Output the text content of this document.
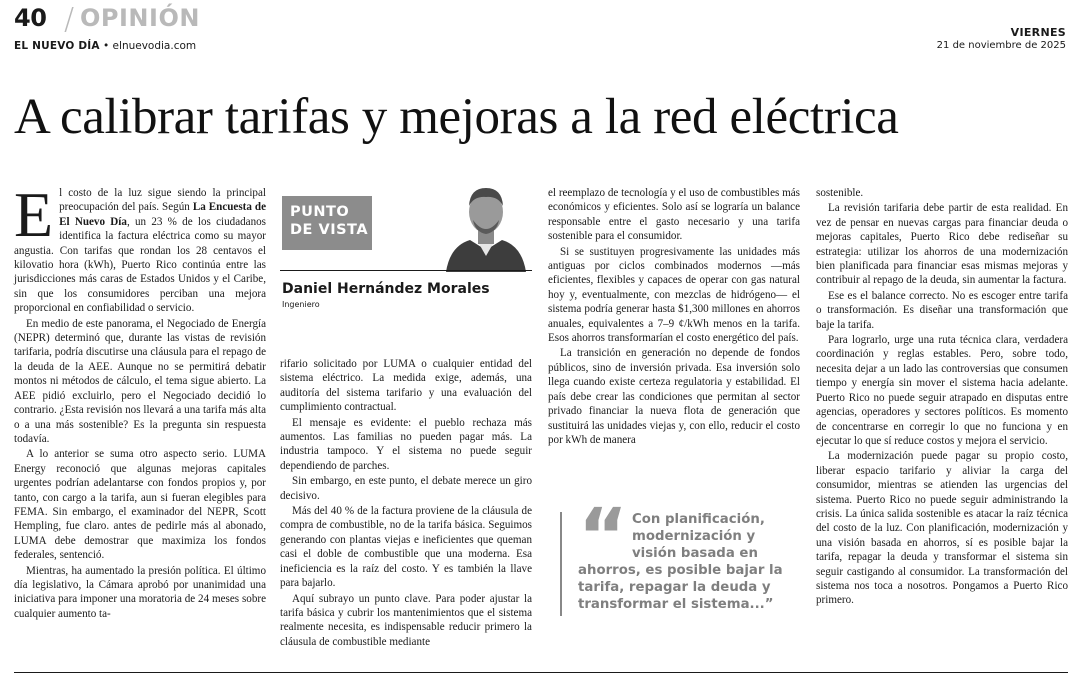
40 / OPINIÓN
EL NUEVO DÍA • elnuevodia.com
VIERNES
21 de noviembre de 2025
A calibrar tarifas y mejoras a la red eléctrica

El costo de la luz sigue siendo la principal preocupación del país. Según La Encuesta de El Nuevo Día, un 23 % de los ciudadanos identifica la factura eléctrica como su mayor angustia. Con tarifas que rondan los 28 centavos el kilovatio hora (kWh), Puerto Rico continúa entre las jurisdicciones más caras de Estados Unidos y el Caribe, sin que los consumidores perciban una mejora proporcional en confiabilidad o servicio.

En medio de este panorama, el Negociado de Energía (NEPR) determinó que, durante las vistas de revisión tarifaria, podría discutirse una cláusula para el repago de la deuda de la AEE. Aunque no se permitirá debatir montos ni métodos de cálculo, el tema sigue abierto. La AEE pidió excluirlo, pero el Negociado decidió lo contrario. ¿Esta revisión nos llevará a una tarifa más alta o a una más sostenible? Es la pregunta sin respuesta todavía.

A lo anterior se suma otro aspecto serio. LUMA Energy reconoció que algunas mejoras capitales urgentes podrían adelantarse con fondos propios y, por tanto, con cargo a la tarifa, aun si fueran elegibles para FEMA. Sin embargo, el examinador del NEPR, Scott Hempling, fue claro. antes de pedirle más al abonado, LUMA debe demostrar que maximiza los fondos federales, sentenció.

Mientras, ha aumentado la presión política. El último día legislativo, la Cámara aprobó por unanimidad una iniciativa para imponer una moratoria de 24 meses sobre cualquier aumento ta-

PUNTO
DE VISTA
Daniel Hernández Morales
Ingeniero

rifario solicitado por LUMA o cualquier entidad del sistema eléctrico. La medida exige, además, una auditoría del sistema tarifario y una evaluación del cumplimiento contractual.

El mensaje es evidente: el pueblo rechaza más aumentos. Las familias no pueden pagar más. La industria tampoco. Y el sistema no puede seguir dependiendo de parches.

Sin embargo, en este punto, el debate merece un giro decisivo.

Más del 40 % de la factura proviene de la cláusula de compra de combustible, no de la tarifa básica. Seguimos generando con plantas viejas e ineficientes que queman casi el doble de combustible que una moderna. Esa ineficiencia es la raíz del costo. Y es también la llave para bajarlo.

Aquí subrayo un punto clave. Para poder ajustar la tarifa básica y cubrir los mantenimientos que el sistema realmente necesita, es indispensable reducir primero la cláusula de combustible mediante

el reemplazo de tecnología y el uso de combustibles más económicos y eficientes. Solo así se lograría un balance responsable entre el gasto necesario y una tarifa sostenible para el consumidor.

Si se sustituyen progresivamente las unidades más antiguas por ciclos combinados modernos —más eficientes, flexibles y capaces de operar con gas natural hoy y, eventualmente, con mezclas de hidrógeno— el sistema podría generar hasta $1,300 millones en ahorros anuales, equivalentes a 7–9 ¢/kWh menos en la tarifa. Esos ahorros transformarían el costo energético del país.

La transición en generación no depende de fondos públicos, sino de inversión privada. Esa inversión solo llega cuando existe certeza regulatoria y estabilidad. El país debe crear las condiciones que permitan al sector privado financiar la nueva flota de generación que sustituirá las unidades viejas y, con ello, reducir el costo por kWh de manera

“ Con planificación, modernización y visión basada en
ahorros, es posible bajar la tarifa, repagar la deuda y transformar el sistema...”

sostenible.

La revisión tarifaria debe partir de esta realidad. En vez de pensar en nuevas cargas para financiar deuda o mejoras capitales, Puerto Rico debe rediseñar su estrategia: utilizar los ahorros de una modernización bien planificada para financiar esas mismas mejoras y contribuir al repago de la deuda, sin aumentar la factura.

Ese es el balance correcto. No es escoger entre tarifa o transformación. Es diseñar una transformación que baje la tarifa.

Para lograrlo, urge una ruta técnica clara, verdadera coordinación y reglas estables. Pero, sobre todo, necesita dejar a un lado las controversias que consumen tiempo y energía sin mover el sistema hacia adelante. Puerto Rico no puede seguir atrapado en disputas entre agencias, operadores y sectores políticos. Es momento de concentrarse en corregir lo que no funciona y en ejecutar lo que sí reduce costos y mejora el servicio.

La modernización puede pagar su propio costo, liberar espacio tarifario y aliviar la carga del consumidor, mientras se atienden las urgencias del sistema. Puerto Rico no puede seguir administrando la crisis. La única salida sostenible es atacar la raíz técnica del costo de la luz. Con planificación, modernización y una visión basada en ahorros, sí es posible bajar la tarifa, repagar la deuda y transformar el sistema sin seguir castigando al consumidor. La transformación del sistema nos toca a nosotros. Pongamos a Puerto Rico primero.
